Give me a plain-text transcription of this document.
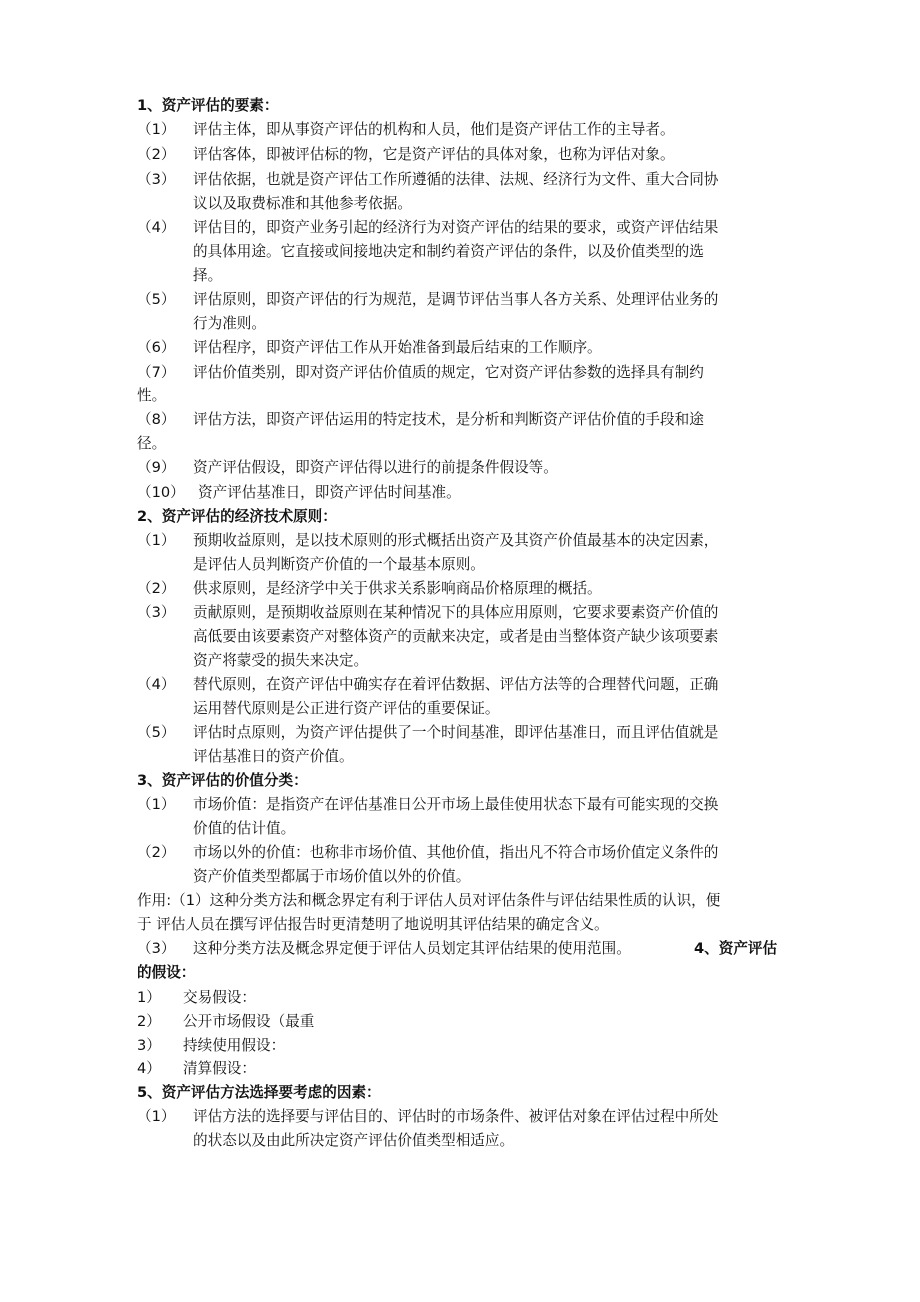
1、资产评估的要素：
（1） 评估主体，即从事资产评估的机构和人员，他们是资产评估工作的主导者。
（2） 评估客体，即被评估标的物，它是资产评估的具体对象，也称为评估对象。
（3） 评估依据，也就是资产评估工作所遵循的法律、法规、经济行为文件、重大合同协
议以及取费标准和其他参考依据。
（4） 评估目的，即资产业务引起的经济行为对资产评估的结果的要求，或资产评估结果
的具体用途。它直接或间接地决定和制约着资产评估的条件，以及价值类型的选
择。
（5） 评估原则，即资产评估的行为规范，是调节评估当事人各方关系、处理评估业务的
行为准则。
（6） 评估程序，即资产评估工作从开始准备到最后结束的工作顺序。
（7） 评估价值类别，即对资产评估价值质的规定，它对资产评估参数的选择具有制约
性。
（8） 评估方法，即资产评估运用的特定技术，是分析和判断资产评估价值的手段和途
径。
（9） 资产评估假设，即资产评估得以进行的前提条件假设等。
（10） 资产评估基准日，即资产评估时间基准。
2、资产评估的经济技术原则：
（1） 预期收益原则，是以技术原则的形式概括出资产及其资产价值最基本的决定因素，
是评估人员判断资产价值的一个最基本原则。
（2） 供求原则，是经济学中关于供求关系影响商品价格原理的概括。
（3） 贡献原则，是预期收益原则在某种情况下的具体应用原则，它要求要素资产价值的
高低要由该要素资产对整体资产的贡献来决定，或者是由当整体资产缺少该项要素
资产将蒙受的损失来决定。
（4） 替代原则，在资产评估中确实存在着评估数据、评估方法等的合理替代问题，正确
运用替代原则是公正进行资产评估的重要保证。
（5） 评估时点原则，为资产评估提供了一个时间基准，即评估基准日，而且评估值就是
评估基准日的资产价值。
3、资产评估的价值分类：
（1） 市场价值：是指资产在评估基准日公开市场上最佳使用状态下最有可能实现的交换
价值的估计值。
（2） 市场以外的价值：也称非市场价值、其他价值，指出凡不符合市场价值定义条件的
资产价值类型都属于市场价值以外的价值。
作用:（1）这种分类方法和概念界定有利于评估人员对评估条件与评估结果性质的认识，便
于 评估人员在撰写评估报告时更清楚明了地说明其评估结果的确定含义。
（3） 这种分类方法及概念界定便于评估人员划定其评估结果的使用范围。	4、资产评估
的假设：
1） 交易假设：
2） 公开市场假设（最重
3） 持续使用假设：
4） 清算假设：
5、资产评估方法选择要考虑的因素：
（1） 评估方法的选择要与评估目的、评估时的市场条件、被评估对象在评估过程中所处
的状态以及由此所决定资产评估价值类型相适应。
